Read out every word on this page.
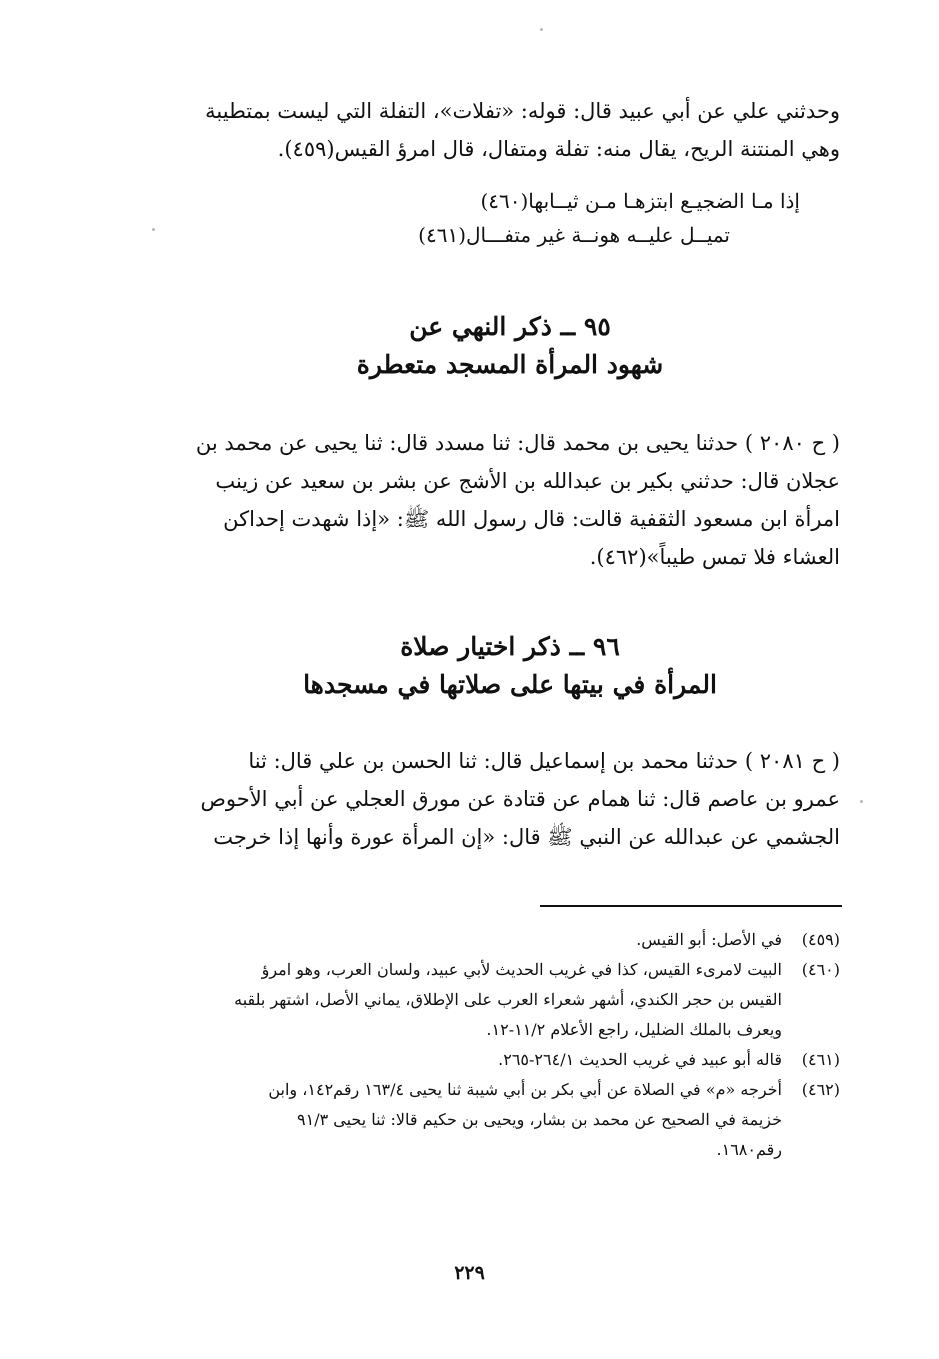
وحدثني علي عن أبي عبيد قال: قوله: «تفلات»، التفلة التي ليست بمتطيبة
وهي المنتنة الريح، يقال منه: تفلة ومتفال، قال امرؤ القيس(٤٥٩).
إذا مـا الضجيـع ابتزهـا مـن ثيــابها(٤٦٠)
تميــل عليــه هونــة غير متفـــال(٤٦١)
٩٥ ــ ذكر النهي عن
شهود المرأة المسجد متعطرة
( ح ٢٠٨٠ ) حدثنا يحيى بن محمد قال: ثنا مسدد قال: ثنا يحيى عن محمد بن
عجلان قال: حدثني بكير بن عبدالله بن الأشج عن بشر بن سعيد عن زينب
امرأة ابن مسعود الثقفية قالت: قال رسول الله ﷺ: «إذا شهدت إحداكن
العشاء فلا تمس طيباً»(٤٦٢).
٩٦ ــ ذكر اختيار صلاة
المرأة في بيتها على صلاتها في مسجدها
( ح ٢٠٨١ ) حدثنا محمد بن إسماعيل قال: ثنا الحسن بن علي قال: ثنا
عمرو بن عاصم قال: ثنا همام عن قتادة عن مورق العجلي عن أبي الأحوص
الجشمي عن عبدالله عن النبي ﷺ قال: «إن المرأة عورة وأنها إذا خرجت
(٤٥٩)
في الأصل: أبو القيس.
(٤٦٠)
البيت لامرىء القيس، كذا في غريب الحديث لأبي عبيد، ولسان العرب، وهو امرؤ
القيس بن حجر الكندي، أشهر شعراء العرب على الإطلاق، يماني الأصل، اشتهر بلقبه
ويعرف بالملك الضليل، راجع الأعلام ١١/٢-١٢.
(٤٦١)
قاله أبو عبيد في غريب الحديث ٢٦٤/١-٢٦٥.
(٤٦٢)
أخرجه «م» في الصلاة عن أبي بكر بن أبي شيبة ثنا يحيى ١٦٣/٤ رقم١٤٢، وابن
خزيمة في الصحيح عن محمد بن بشار، ويحيى بن حكيم قالا: ثنا يحيى ٩١/٣
رقم١٦٨٠.
٢٢٩
